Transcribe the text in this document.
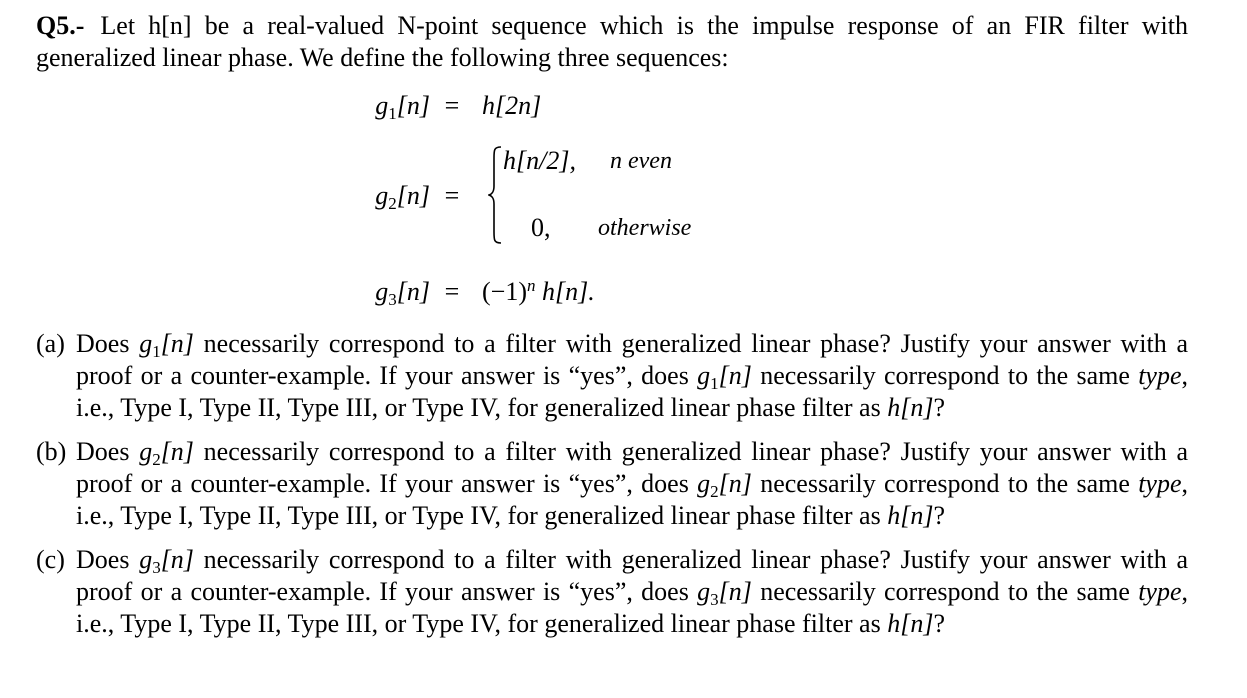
Q5.- Let h[n] be a real-valued N-point sequence which is the impulse response of an FIR filter with generalized linear phase. We define the following three sequences:
$g_1[n] = h[2n]$
$g_2[n]$ =
h[n/2], n even
0, otherwise
$g_3[n] = (-1)^n$ h[n].
(a) Does $g_1[n]$ necessarily correspond to a filter with generalized linear phase? Justify your answer with a proof or a counter-example. If your answer is “yes”, does $g_1[n]$ necessarily correspond to the same type, i.e., Type I, Type II, Type III, or Type IV, for generalized linear phase filter as h[n]?
(b) Does $g_2[n]$ necessarily correspond to a filter with generalized linear phase? Justify your answer with a proof or a counter-example. If your answer is “yes”, does $g_2[n]$ necessarily correspond to the same type, i.e., Type I, Type II, Type III, or Type IV, for generalized linear phase filter as h[n]?
(c) Does $g_3[n]$ necessarily correspond to a filter with generalized linear phase? Justify your answer with a proof or a counter-example. If your answer is “yes”, does $g_3[n]$ necessarily correspond to the same type, i.e., Type I, Type II, Type III, or Type IV, for generalized linear phase filter as h[n]?
